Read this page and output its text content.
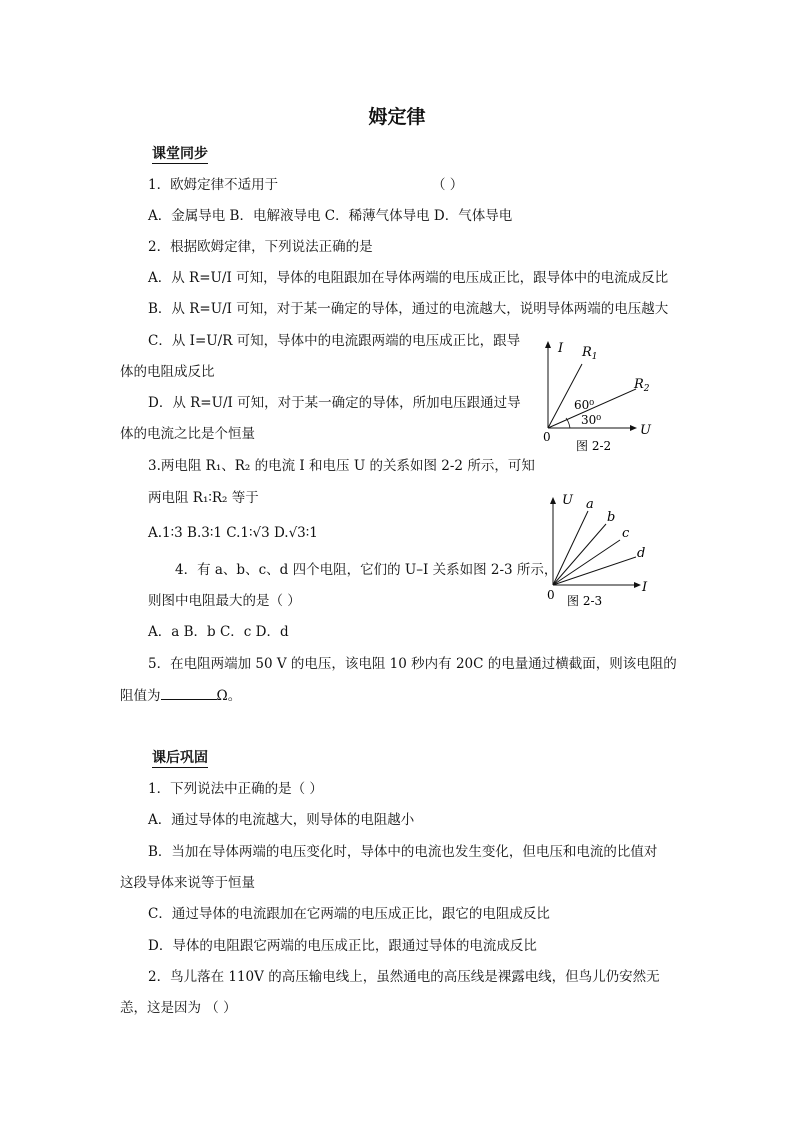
姆定律
课堂同步
1．欧姆定律不适用于	（ ）
A．金属导电 B．电解液导电 C．稀薄气体导电 D．气体导电
2．根据欧姆定律，下列说法正确的是
A．从 R=U/I 可知，导体的电阻跟加在导体两端的电压成正比，跟导体中的电流成反比
B．从 R=U/I 可知，对于某一确定的导体，通过的电流越大，说明导体两端的电压越大
C．从 I=U/R 可知，导体中的电流跟两端的电压成正比，跟导
体的电阻成反比
D．从 R=U/I 可知，对于某一确定的导体，所加电压跟通过导
体的电流之比是个恒量
3.两电阻 R₁、R₂ 的电流 I 和电压 U 的关系如图 2-2 所示，可知
两电阻 R₁∶R₂ 等于
A.1∶3 B.3∶1 C.1∶√3 D.√3∶1
4．有 a、b、c、d 四个电阻，它们的 U–I 关系如图 2-3 所示，
则图中电阻最大的是（ ）
A．a B．b C．c D．d
5．在电阻两端加 50 V 的电压，该电阻 10 秒内有 20C 的电量通过横截面，则该电阻的
阻值为	Ω。
课后巩固
1．下列说法中正确的是（ ）
A．通过导体的电流越大，则导体的电阻越小
B．当加在导体两端的电压变化时，导体中的电流也发生变化，但电压和电流的比值对
这段导体来说等于恒量
C．通过导体的电流跟加在它两端的电压成正比，跟它的电阻成反比
D．导体的电阻跟它两端的电压成正比，跟通过导体的电流成反比
2．鸟儿落在 110V 的高压输电线上，虽然通电的高压线是裸露电线，但鸟儿仍安然无
恙，这是因为 （ ）
I
U
0
$R_1$
$R_2$
60⁰
30⁰
图 2-2
U
I
0
a
b
c
d
图 2-3
